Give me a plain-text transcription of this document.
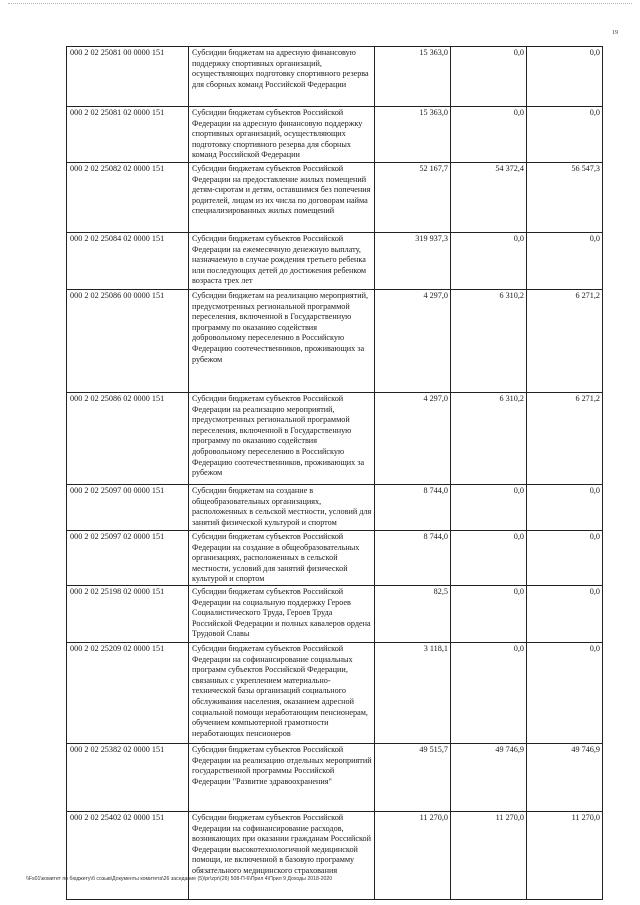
19
000 2 02 25081 00 0000 151	Субсидии бюджетам на адресную финансовую поддержку спортивных организаций, осуществляющих подготовку спортивного резерва для сборных команд Российской Федерации	15 363,0	0,0	0,0
000 2 02 25081 02 0000 151	Субсидии бюджетам субъектов Российской Федерации на адресную финансовую поддержку спортивных организаций, осуществляющих подготовку спортивного резерва для сборных команд Российской Федерации	15 363,0	0,0	0,0
000 2 02 25082 02 0000 151	Субсидии бюджетам субъектов Российской Федерации на предоставление жилых помещений детям-сиротам и детям, оставшимся без попечения родителей, лицам из их числа по договорам найма специализированных жилых помещений	52 167,7	54 372,4	56 547,3
000 2 02 25084 02 0000 151	Субсидии бюджетам субъектов Российской Федерации на ежемесячную денежную выплату, назначаемую в случае рождения третьего ребенка или последующих детей до достижения ребенком возраста трех лет	319 937,3	0,0	0,0
000 2 02 25086 00 0000 151	Субсидии бюджетам на реализацию мероприятий, предусмотренных региональной программой переселения, включенной в Государственную программу по оказанию содействия добровольному переселению в Российскую Федерацию соотечественников, проживающих за рубежом	4 297,0	6 310,2	6 271,2
000 2 02 25086 02 0000 151	Субсидии бюджетам субъектов Российской Федерации на реализацию мероприятий, предусмотренных региональной программой переселения, включенной в Государственную программу по оказанию содействия добровольному переселению в Российскую Федерацию соотечественников, проживающих за рубежом	4 297,0	6 310,2	6 271,2
000 2 02 25097 00 0000 151	Субсидии бюджетам на создание в общеобразовательных организациях, расположенных в сельской местности, условий для занятий физической культурой и спортом	8 744,0	0,0	0,0
000 2 02 25097 02 0000 151	Субсидии бюджетам субъектов Российской Федерации на создание в общеобразовательных организациях, расположенных в сельской местности, условий для занятий физической культурой и спортом	8 744,0	0,0	0,0
000 2 02 25198 02 0000 151	Субсидии бюджетам субъектов Российской Федерации на социальную поддержку Героев Социалистического Труда, Героев Труда Российской Федерации и полных кавалеров ордена Трудовой Славы	82,5	0,0	0,0
000 2 02 25209 02 0000 151	Субсидии бюджетам субъектов Российской Федерации на софинансирование социальных программ субъектов Российской Федерации, связанных с укреплением материально-технической базы организаций социального обслуживания населения, оказанием адресной социальной помощи неработающим пенсионерам, обучением компьютерной грамотности неработающих пенсионеров	3 118,1	0,0	0,0
000 2 02 25382 02 0000 151	Субсидии бюджетам субъектов Российской Федерации на реализацию отдельных мероприятий государственной программы Российской Федерации "Развитие здравоохранения"	49 515,7	49 746,9	49 746,9
000 2 02 25402 02 0000 151	Субсидии бюджетам субъектов Российской Федерации на софинансирование расходов, возникающих при оказании гражданам Российской Федерации высокотехнологичной медицинской помощи, не включенной в базовую программу обязательного медицинского страхования	11 270,0	11 270,0	11 270,0
\\Fs01\комитет по бюджету\б созыв\Документы комитета\26 заседание (5)\pr\zpr\(26) 508-П-6\Прил 4\Прил 9 Доходы 2018-2020
